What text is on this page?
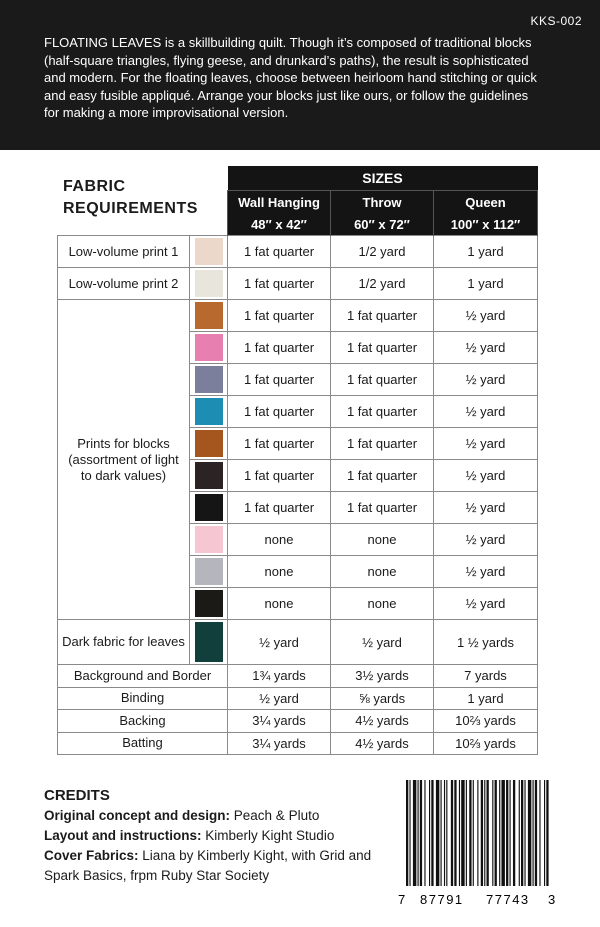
KKS-002

FLOATING LEAVES is a skillbuilding quilt. Though it’s composed of traditional blocks (half-square triangles, flying geese, and drunkard’s paths), the result is sophisticated and modern. For the floating leaves, choose between heirloom hand stitching or quick and easy fusible appliqué. Arrange your blocks just like ours, or follow the guidelines for making a more improvisational version.

FABRIC
REQUIREMENTS
		SIZES		
		Wall Hanging	Throw	Queen
		48″ x 42″	60″ x 72″	100″ x 112″
Low-volume print 1		1 fat quarter	1/2 yard	1 yard
Low-volume print 2		1 fat quarter	1/2 yard	1 yard
Prints for blocks (assortment of light to dark values)		1 fat quarter	1 fat quarter	½ yard

		1 fat quarter	1 fat quarter	½ yard

		1 fat quarter	1 fat quarter	½ yard

		1 fat quarter	1 fat quarter	½ yard

		1 fat quarter	1 fat quarter	½ yard

		1 fat quarter	1 fat quarter	½ yard

		1 fat quarter	1 fat quarter	½ yard

		none	none	½ yard

		none	none	½ yard

		none	none	½ yard
Dark fabric for leaves		½ yard	½ yard	1 ½ yards
Background and Border		1¾ yards	3½ yards	7 yards
Binding		½ yard	⅝ yards	1 yard
Backing		3¼ yards	4½ yards	10⅔ yards
Batting		3¼ yards	4½ yards	10⅔ yards
CREDITS

Original concept and design: Peach & Pluto

Layout and instructions: Kimberly Kight Studio

Cover Fabrics: Liana by Kimberly Kight, with Grid and Spark Basics, frpm Ruby Star Society

7 87791 77743 3
